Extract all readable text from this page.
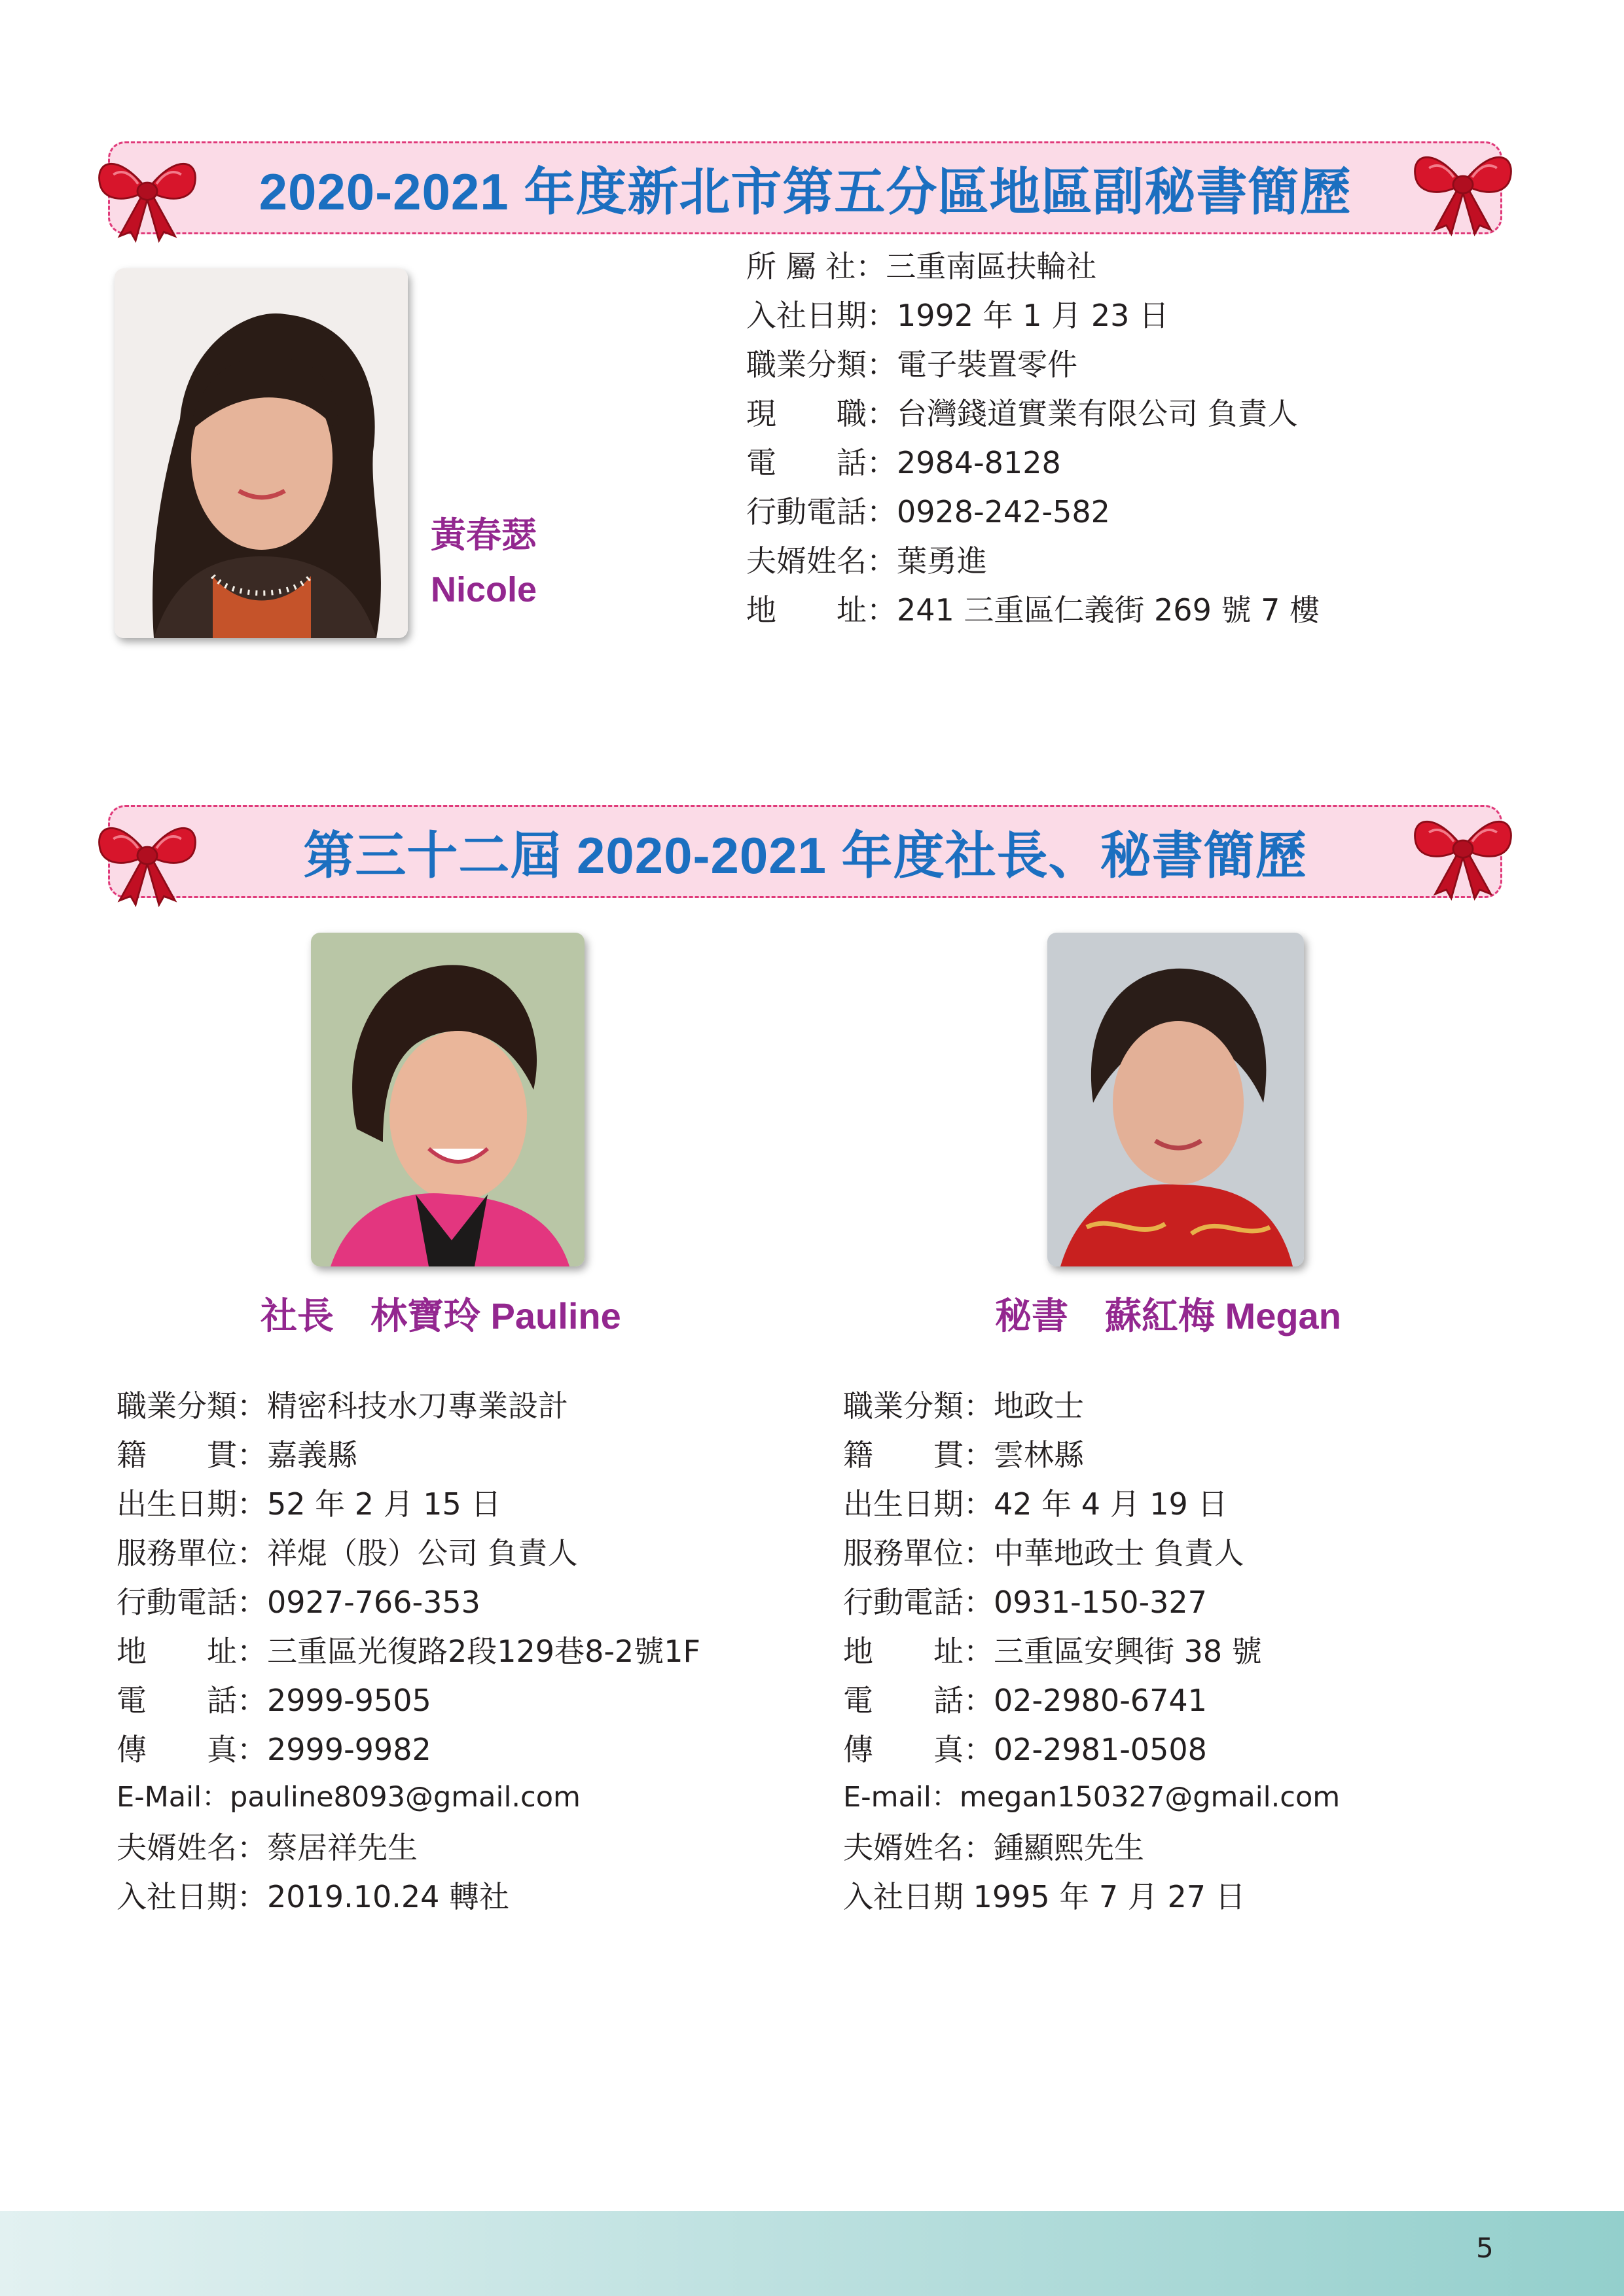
2020-2021 年度新北市第五分區地區副秘書簡歷
黃春瑟
Nicole
所 屬 社：三重南區扶輪社
入社日期：1992 年 1 月 23 日
職業分類：電子裝置零件
現　　職：台灣錢道實業有限公司 負責人
電　　話：2984-8128
行動電話：0928-242-582
夫婿姓名：葉勇進
地　　址：241 三重區仁義街 269 號 7 樓
第三十二屆 2020-2021 年度社長、秘書簡歷
社長　林寶玲 Pauline	秘書　蘇紅梅 Megan
職業分類：精密科技水刀專業設計
籍　　貫：嘉義縣
出生日期：52 年 2 月 15 日
服務單位：祥焜（股）公司 負責人
行動電話：0927-766-353
地　　址：三重區光復路2段129巷8-2號1F
電　　話：2999-9505
傳　　真：2999-9982
E-Mail：pauline8093@gmail.com
夫婿姓名：蔡居祥先生
入社日期：2019.10.24 轉社
職業分類：地政士
籍　　貫：雲林縣
出生日期：42 年 4 月 19 日
服務單位：中華地政士 負責人
行動電話：0931-150-327
地　　址：三重區安興街 38 號
電　　話：02-2980-6741
傳　　真：02-2981-0508
E-mail：megan150327@gmail.com
夫婿姓名：鍾顯熙先生
入社日期 1995 年 7 月 27 日
5
